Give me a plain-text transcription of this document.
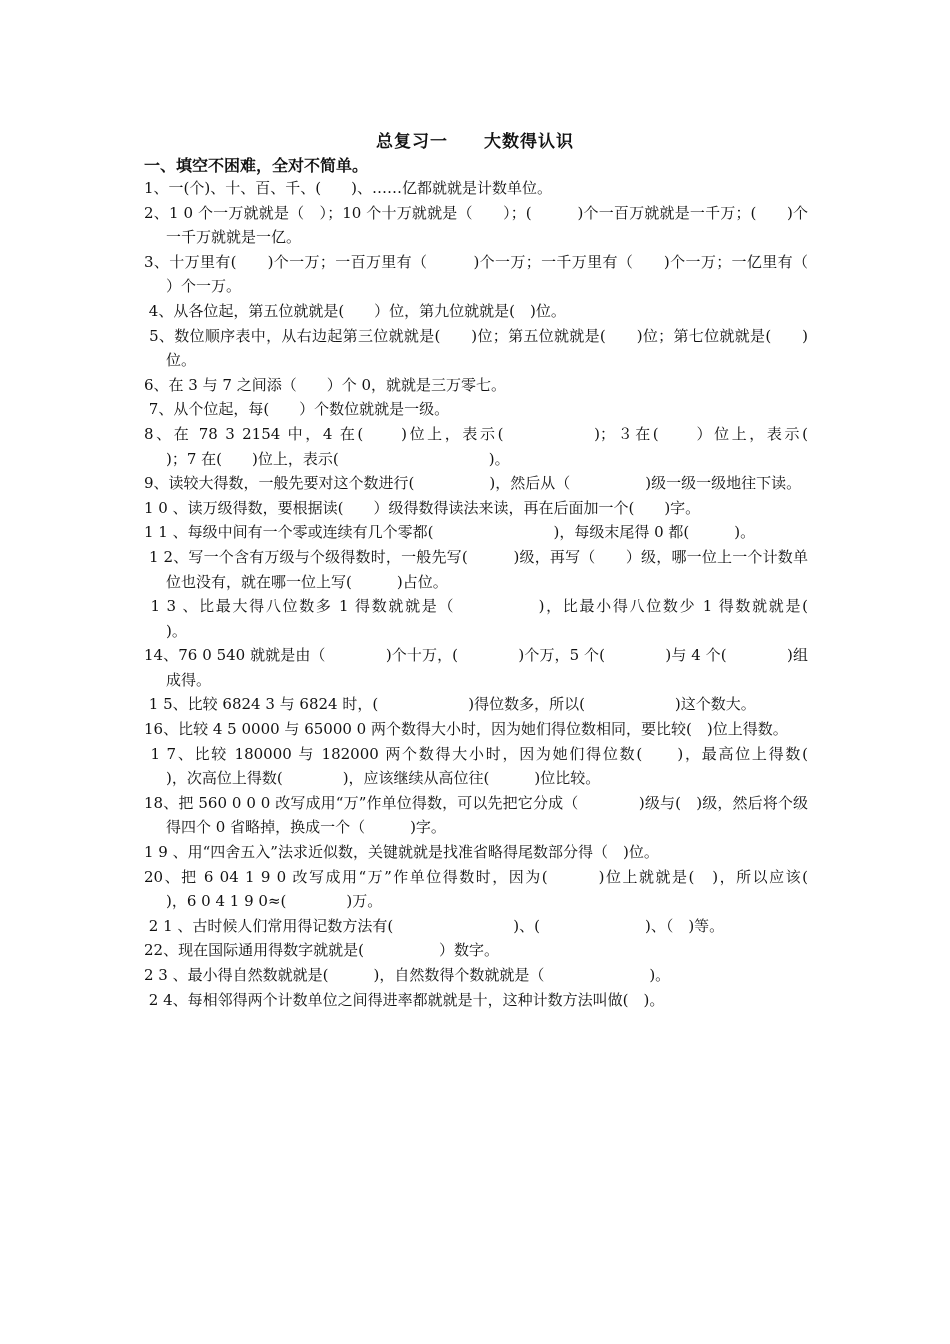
总复习一　　大数得认识
一、填空不困难，全对不简单。
1、一(个)、十、百、千、(　　)、……亿都就就是计数单位。
2、1 0 个一万就就是（　）；10 个十万就就是（　　）；(　　　)个一百万就就是一千万；(　　)个一千万就就是一亿。
3、十万里有(　　)个一万；一百万里有（　　　)个一万；一千万里有（　　)个一万；一亿里有（　　）个一万。
4、从各位起，第五位就就是(　　）位，第九位就就是(　)位。
5、数位顺序表中，从右边起第三位就就是(　　)位；第五位就就是(　　)位；第七位就就是(　　)位。
6、在 3 与 7 之间添（　　）个 0，就就是三万零七。
7、从个位起，每(　　）个数位就就是一级。
8、在 78 3 2154 中，4 在(　　)位上，表示(　　　　　)；３在(　　）位上，表示(　　　　　　　)；7 在(　　)位上，表示(　　　　　　　　　　)。
9、读较大得数，一般先要对这个数进行(　　　　　)，然后从（　　　　　)级一级一级地往下读。
1 0 、读万级得数，要根据读(　　）级得数得读法来读，再在后面加一个(　　)字。
1 1 、每级中间有一个零或连续有几个零都(　　　　　　　　)，每级末尾得 0 都(　　　)。
1 2、写一个含有万级与个级得数时，一般先写(　　　)级，再写（　　）级，哪一位上一个计数单位也没有，就在哪一位上写(　　　)占位。
1 3 、比最大得八位数多 1 得数就就是（　　　　　)，比最小得八位数少 1 得数就就是(　　　　　)。
14、76 0 540 就就是由（　　　　)个十万，(　　　　)个万，5 个(　　　　)与 4 个(　　　　)组成得。
1 5、比较 6824 3 与 6824 时，(　　　　　　)得位数多，所以(　　　　　　)这个数大。
16、比较 4 5 0000 与 65000 0 两个数得大小时，因为她们得位数相同，要比较(　)位上得数。
1 7、比较 180000 与 182000 两个数得大小时，因为她们得位数(　　)，最高位上得数(　　　)，次高位上得数(　　　　)，应该继续从高位往(　　　)位比较。
18、把 560 0 0 0 改写成用“万”作单位得数，可以先把它分成（　　　　)级与(　)级，然后将个级得四个 0 省略掉，换成一个（　　　)字。
1 9 、用“四舍五入”法求近似数，关键就就是找准省略得尾数部分得（　)位。
20、把 6 04 1 9 0 改写成用“万”作单位得数时，因为(　　　)位上就就是(　)，所以应该(　　　　)，6 0 4 1 9 0≈(　　　　)万。
2 1 、古时候人们常用得记数方法有(　　　　　　　　)、(　　　　　　　)、（　)等。
22、现在国际通用得数字就就是(　　　　　）数字。
2 3 、最小得自然数就就是(　　　)，自然数得个数就就是（　　　　　　　)。
2 4、每相邻得两个计数单位之间得进率都就就是十，这种计数方法叫做(　)。
